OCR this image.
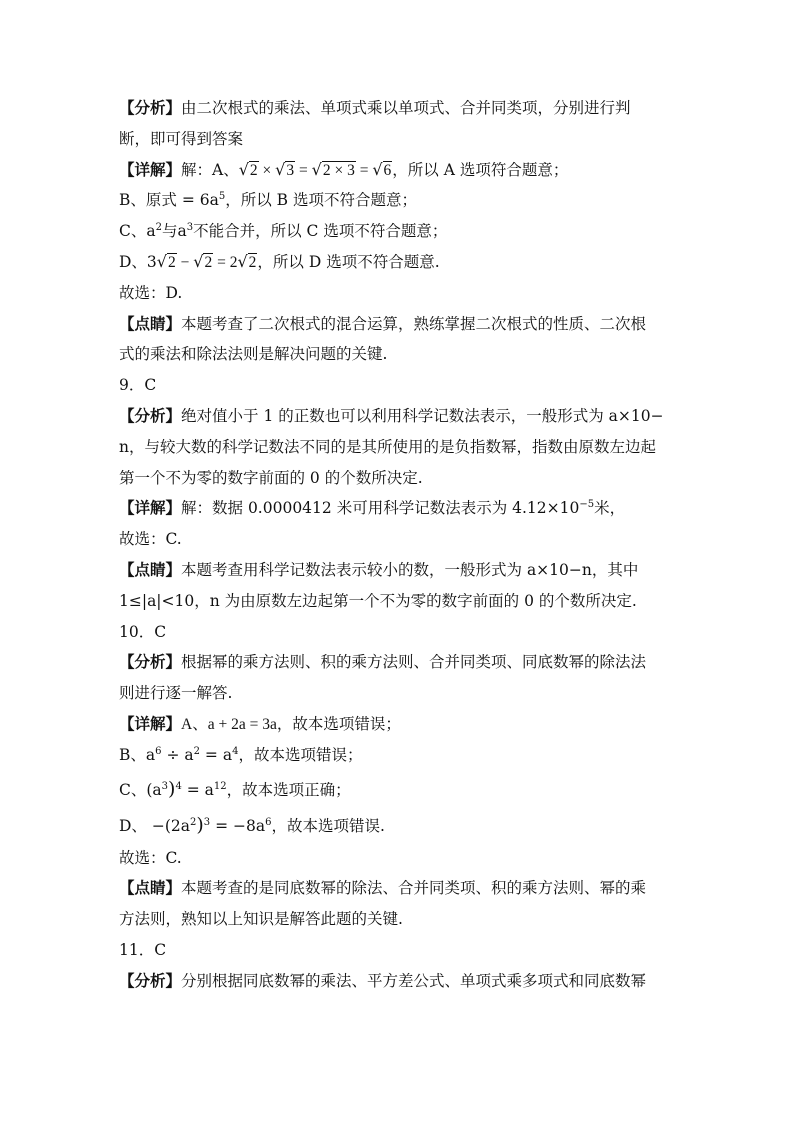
【分析】由二次根式的乘法、单项式乘以单项式、合并同类项，分别进行判
断，即可得到答案
【详解】解：A、√2 × √3 = √2 × 3 = √6，所以 A 选项符合题意；
B、原式 = $6a^5$，所以 B 选项不符合题意；
C、$a^2$与$a^3$不能合并，所以 C 选项不符合题意；
D、3√2 − √2 = 2√2，所以 D 选项不符合题意.
故选：D.
【点睛】本题考查了二次根式的混合运算，熟练掌握二次根式的性质、二次根
式的乘法和除法法则是解决问题的关键.
9．C
【分析】绝对值小于 1 的正数也可以利用科学记数法表示，一般形式为 a×10−
n，与较大数的科学记数法不同的是其所使用的是负指数幂，指数由原数左边起
第一个不为零的数字前面的 0 的个数所决定.
【详解】解：数据 0.0000412 米可用科学记数法表示为 $4.12\times 10^{-5}$米，
故选：C.
【点睛】本题考查用科学记数法表示较小的数，一般形式为 a×10−n，其中
1≤|a|<10，n 为由原数左边起第一个不为零的数字前面的 0 的个数所决定.
10．C
【分析】根据幂的乘方法则、积的乘方法则、合并同类项、同底数幂的除法法
则进行逐一解答.
【详解】A、a + 2a = 3a，故本选项错误；
B、$a^6 \div a^2 = a^4$，故本选项错误；
C、$(a^3)^4 = a^{12}$，故本选项正确；
D、 $-(2a^2)^3 = -8a^6$，故本选项错误.
故选：C.
【点睛】本题考查的是同底数幂的除法、合并同类项、积的乘方法则、幂的乘
方法则，熟知以上知识是解答此题的关键.
11．C
【分析】分别根据同底数幂的乘法、平方差公式、单项式乘多项式和同底数幂
